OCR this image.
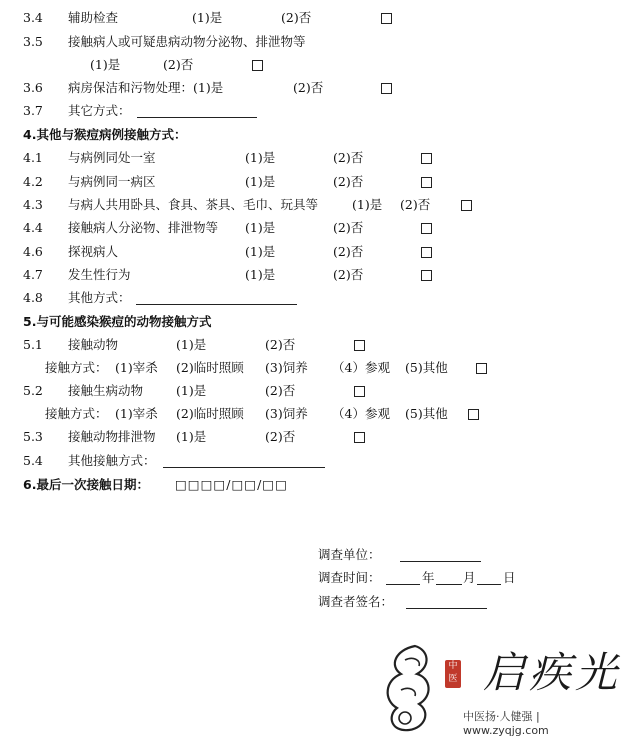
3.4 辅助检查	(1)是	(2)否
3.5 接触病人或可疑患病动物分泌物、排泄物等
(1)是	(2)否
3.6 病房保洁和污物处理：(1)是	(2)否
3.7 其它方式：
4.其他与猴痘病例接触方式：
4.1 与病例同处一室	(1)是	(2)否
4.2 与病例同一病区	(1)是	(2)否
4.3 与病人共用卧具、食具、茶具、毛巾、玩具等	(1)是 (2)否
4.4 接触病人分泌物、排泄物等 (1)是	(2)否
4.6 探视病人	(1)是	(2)否
4.7 发生性行为	(1)是	(2)否
4.8 其他方式：
5.与可能感染猴痘的动物接触方式
5.1 接触动物	(1)是	(2)否
接触方式： (1)宰杀 (2)临时照顾 (3)饲养 （4）参观 (5)其他
5.2 接触生病动物	(1)是	(2)否
接触方式： (1)宰杀 (2)临时照顾 (3)饲养 （4）参观 (5)其他
5.3 接触动物排泄物 (1)是	(2)否
5.4 其他接触方式：
6.最后一次接触日期： □□□□/□□/□□
调查单位：
调查时间：	年 月 日
调查者签名：
中医 启疾光
中医扬·人健强 | www.zyqjg.com
